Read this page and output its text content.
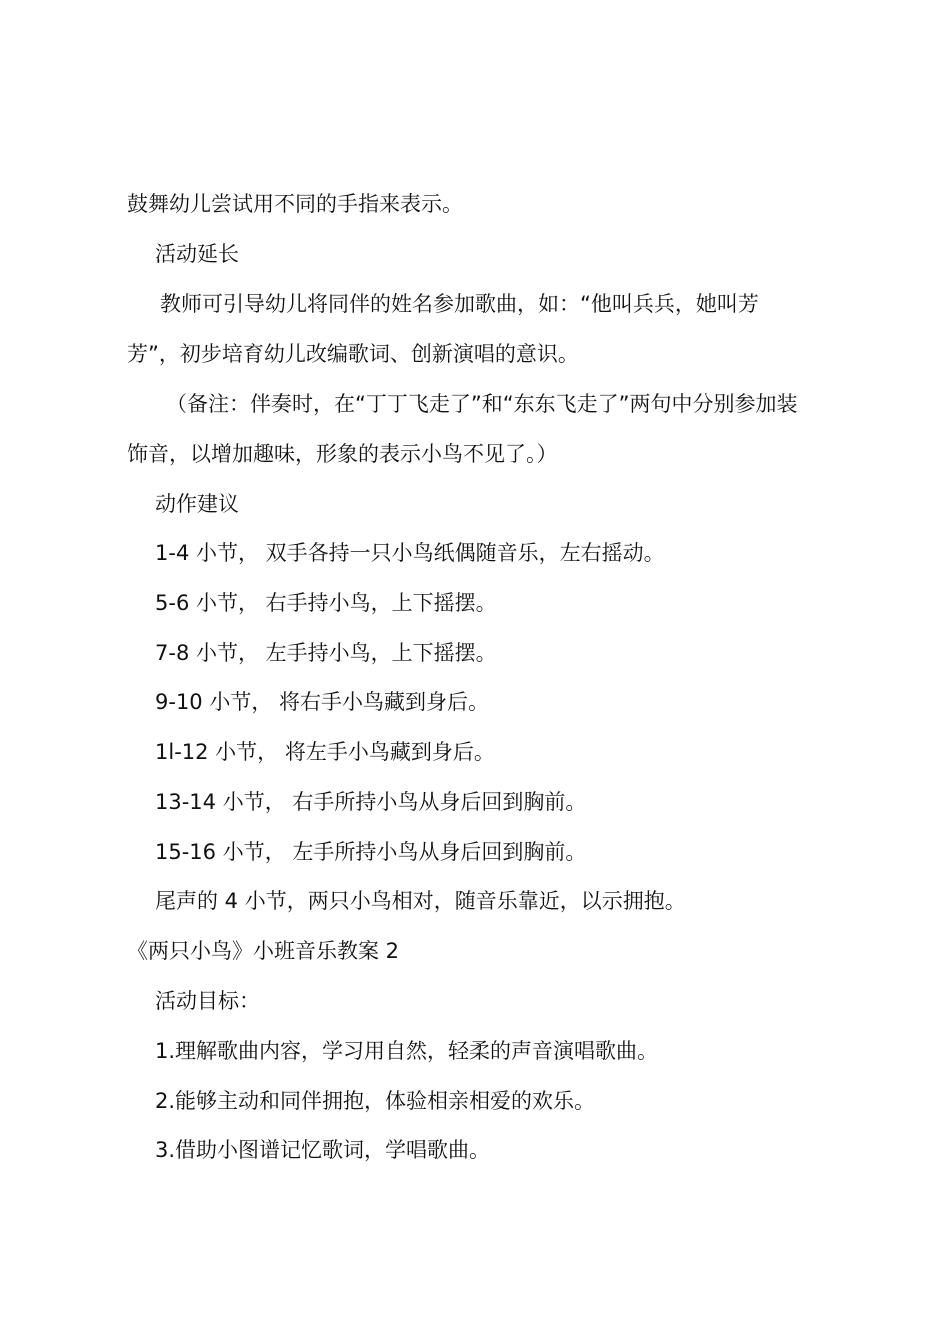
鼓舞幼儿尝试用不同的手指来表示。
活动延长
教师可引导幼儿将同伴的姓名参加歌曲，如：“他叫兵兵，她叫芳
芳”，初步培育幼儿改编歌词、创新演唱的意识。
（备注：伴奏时，在“丁丁飞走了”和“东东飞走了”两句中分别参加装
饰音，以增加趣味，形象的表示小鸟不见了。）
动作建议
1-4 小节， 双手各持一只小鸟纸偶随音乐，左右摇动。
5-6 小节， 右手持小鸟，上下摇摆。
7-8 小节， 左手持小鸟，上下摇摆。
9-10 小节， 将右手小鸟藏到身后。
1l-12 小节， 将左手小鸟藏到身后。
13-14 小节， 右手所持小鸟从身后回到胸前。
15-16 小节， 左手所持小鸟从身后回到胸前。
尾声的 4 小节，两只小鸟相对，随音乐靠近，以示拥抱。
《两只小鸟》小班音乐教案 2
活动目标：
1.理解歌曲内容，学习用自然，轻柔的声音演唱歌曲。
2.能够主动和同伴拥抱，体验相亲相爱的欢乐。
3.借助小图谱记忆歌词，学唱歌曲。
